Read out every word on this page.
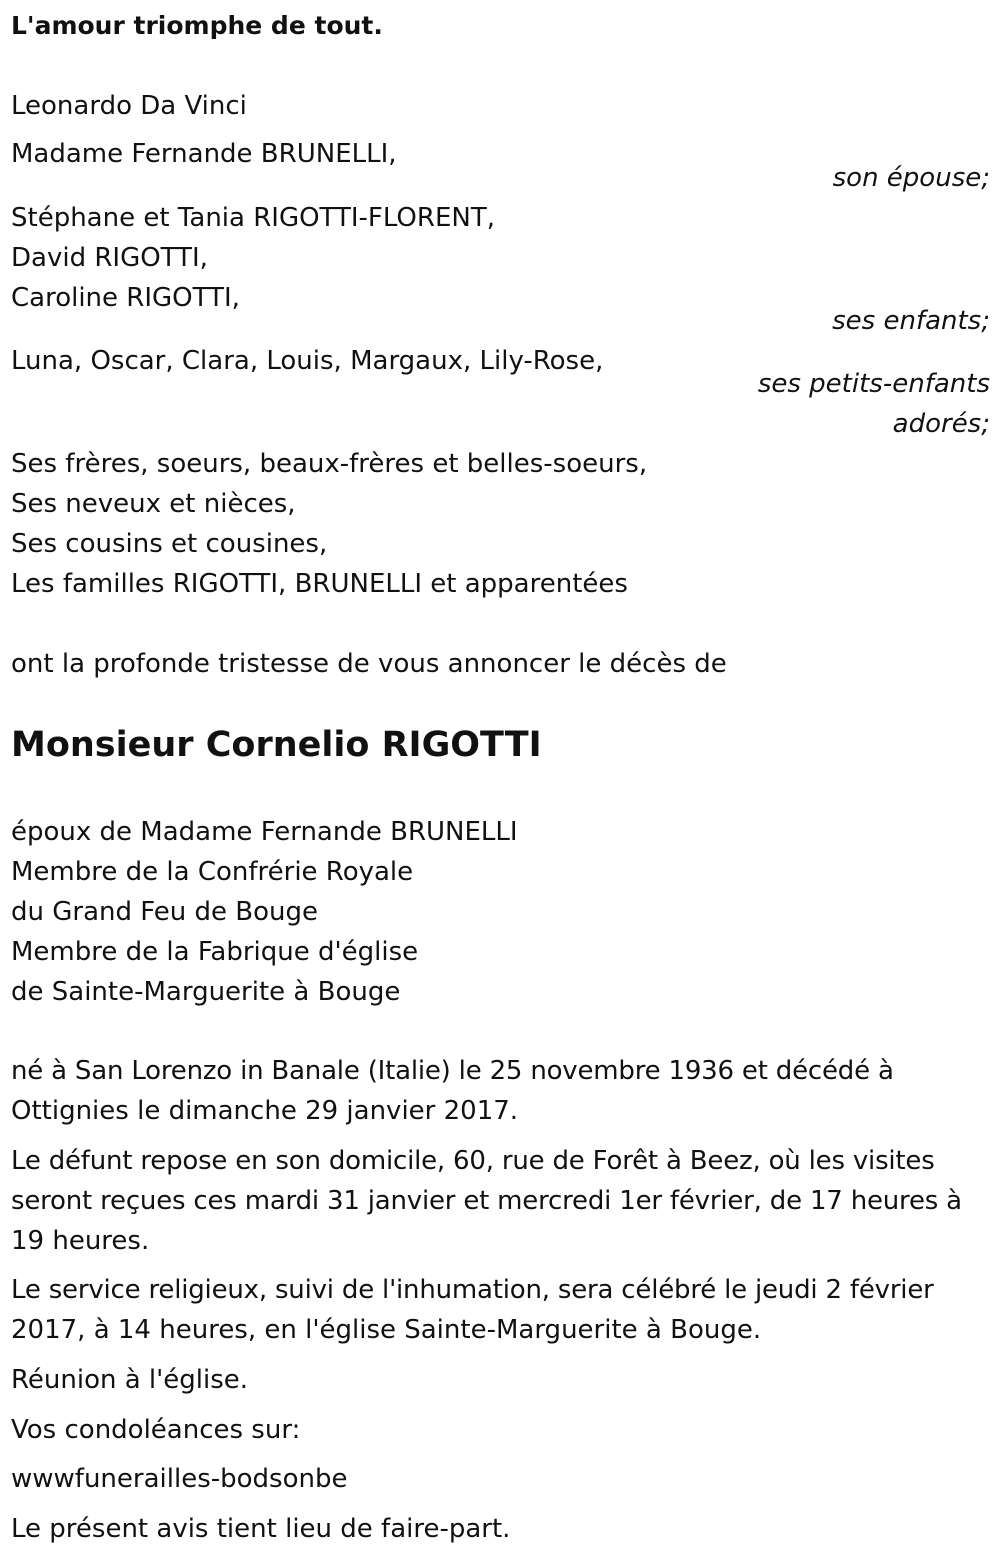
L'amour triomphe de tout.
Leonardo Da Vinci
Madame Fernande BRUNELLI,
son épouse;
Stéphane et Tania RIGOTTI-FLORENT,
David RIGOTTI,
Caroline RIGOTTI,
ses enfants;
Luna, Oscar, Clara, Louis, Margaux, Lily-Rose,
ses petits-enfants
adorés;
Ses frères, soeurs, beaux-frères et belles-soeurs,
Ses neveux et nièces,
Ses cousins et cousines,
Les familles RIGOTTI, BRUNELLI et apparentées
ont la profonde tristesse de vous annoncer le décès de
Monsieur Cornelio RIGOTTI
époux de Madame Fernande BRUNELLI
Membre de la Confrérie Royale
du Grand Feu de Bouge
Membre de la Fabrique d'église
de Sainte-Marguerite à Bouge
né à San Lorenzo in Banale (Italie) le 25 novembre 1936 et décédé à
Ottignies le dimanche 29 janvier 2017.
Le défunt repose en son domicile, 60, rue de Forêt à Beez, où les visites
seront reçues ces mardi 31 janvier et mercredi 1er février, de 17 heures à
19 heures.
Le service religieux, suivi de l'inhumation, sera célébré le jeudi 2 février
2017, à 14 heures, en l'église Sainte-Marguerite à Bouge.
Réunion à l'église.
Vos condoléances sur:
wwwfunerailles-bodsonbe
Le présent avis tient lieu de faire-part.
